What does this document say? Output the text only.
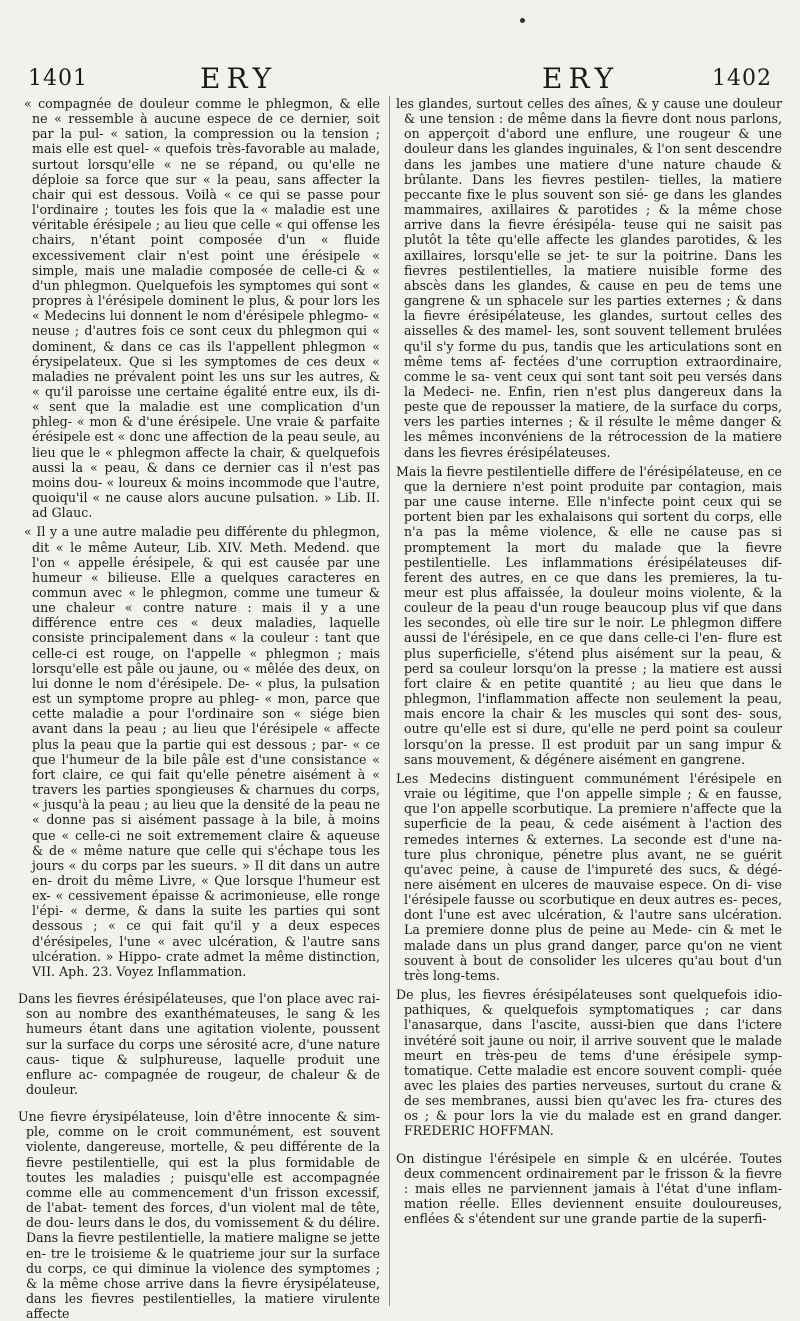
1401	ERY	ERY	1402

« compagnée de douleur comme le phlegmon, & elle ne « ressemble à aucune espece de ce dernier, soit par la pul- « sation, la compression ou la tension ; mais elle est quel- « quefois très-favorable au malade, surtout lorsqu'elle « ne se répand, ou qu'elle ne déploie sa force que sur « la peau, sans affecter la chair qui est dessous. Voilà « ce qui se passe pour l'ordinaire ; toutes les fois que la « maladie est une véritable érésipele ; au lieu que celle « qui offense les chairs, n'étant point composée d'un « fluide excessivement clair n'est point une érésipele « simple, mais une maladie composée de celle-ci & « d'un phlegmon. Quelquefois les symptomes qui sont « propres à l'érésipele dominent le plus, & pour lors les « Medecins lui donnent le nom d'érésipele phlegmo- « neuse ; d'autres fois ce sont ceux du phlegmon qui « dominent, & dans ce cas ils l'appellent phlegmon « érysipelateux. Que si les symptomes de ces deux « maladies ne prévalent point les uns sur les autres, & « qu'il paroisse une certaine égalité entre eux, ils di- « sent que la maladie est une complication d'un phleg- « mon & d'une érésipele. Une vraie & parfaite érésipele est « donc une affection de la peau seule, au lieu que le « phlegmon affecte la chair, & quelquefois aussi la « peau, & dans ce dernier cas il n'est pas moins dou- « loureux & moins incommode que l'autre, quoiqu'il « ne cause alors aucune pulsation. » Lib. II. ad Glauc.

« Il y a une autre maladie peu différente du phlegmon, dit « le même Auteur, Lib. XIV. Meth. Medend. que l'on « appelle érésipele, & qui est causée par une humeur « bilieuse. Elle a quelques caracteres en commun avec « le phlegmon, comme une tumeur & une chaleur « contre nature : mais il y a une différence entre ces « deux maladies, laquelle consiste principalement dans « la couleur : tant que celle-ci est rouge, on l'appelle « phlegmon ; mais lorsqu'elle est pâle ou jaune, ou « mêlée des deux, on lui donne le nom d'érésipele. De- « plus, la pulsation est un symptome propre au phleg- « mon, parce que cette maladie a pour l'ordinaire son « siége bien avant dans la peau ; au lieu que l'érésipele « affecte plus la peau que la partie qui est dessous ; par- « ce que l'humeur de la bile pâle est d'une consistance « fort claire, ce qui fait qu'elle pénetre aisément à « travers les parties spongieuses & charnues du corps, « jusqu'à la peau ; au lieu que la densité de la peau ne « donne pas si aisément passage à la bile, à moins que « celle-ci ne soit extremement claire & aqueuse & de « même nature que celle qui s'échape tous les jours « du corps par les sueurs. » Il dit dans un autre en- droit du même Livre, « Que lorsque l'humeur est ex- « cessivement épaisse & acrimonieuse, elle ronge l'épi- « derme, & dans la suite les parties qui sont dessous ; « ce qui fait qu'il y a deux especes d'érésipeles, l'une « avec ulcération, & l'autre sans ulcération. » Hippo- crate admet la même distinction, VII. Aph. 23. Voyez Inflammation.

Dans les fievres érésipélateuses, que l'on place avec rai- son au nombre des exanthémateuses, le sang & les humeurs étant dans une agitation violente, poussent sur la surface du corps une sérosité acre, d'une nature caus- tique & sulphureuse, laquelle produit une enflure ac- compagnée de rougeur, de chaleur & de douleur.

Une fievre érysipélateuse, loin d'être innocente & sim- ple, comme on le croit communément, est souvent violente, dangereuse, mortelle, & peu différente de la fievre pestilentielle, qui est la plus formidable de toutes les maladies ; puisqu'elle est accompagnée comme elle au commencement d'un frisson excessif, de l'abat- tement des forces, d'un violent mal de tête, de dou- leurs dans le dos, du vomissement & du délire. Dans la fievre pestilentielle, la matiere maligne se jette en- tre le troisieme & le quatrieme jour sur la surface du corps, ce qui diminue la violence des symptomes ; & la même chose arrive dans la fievre érysipélateuse, dans les fievres pestilentielles, la matiere virulente affecte

les glandes, surtout celles des aînes, & y cause une douleur & une tension : de même dans la fievre dont nous parlons, on apperçoit d'abord une enflure, une rougeur & une douleur dans les glandes inguinales, & l'on sent descendre dans les jambes une matiere d'une nature chaude & brûlante. Dans les fievres pestilen- tielles, la matiere peccante fixe le plus souvent son sié- ge dans les glandes mammaires, axillaires & parotides ; & la même chose arrive dans la fievre érésipéla- teuse qui ne saisit pas plutôt la tête qu'elle affecte les glandes parotides, & les axillaires, lorsqu'elle se jet- te sur la poitrine. Dans les fievres pestilentielles, la matiere nuisible forme des abscès dans les glandes, & cause en peu de tems une gangrene & un sphacele sur les parties externes ; & dans la fievre érésipélateuse, les glandes, surtout celles des aisselles & des mamel- les, sont souvent tellement brulées qu'il s'y forme du pus, tandis que les articulations sont en même tems af- fectées d'une corruption extraordinaire, comme le sa- vent ceux qui sont tant soit peu versés dans la Medeci- ne. Enfin, rien n'est plus dangereux dans la peste que de repousser la matiere, de la surface du corps, vers les parties internes ; & il résulte le même danger & les mêmes inconvéniens de la rétrocession de la matiere dans les fievres érésipélateuses.

Mais la fievre pestilentielle differe de l'érésipélateuse, en ce que la derniere n'est point produite par contagion, mais par une cause interne. Elle n'infecte point ceux qui se portent bien par les exhalaisons qui sortent du corps, elle n'a pas la même violence, & elle ne cause pas si promptement la mort du malade que la fievre pestilentielle. Les inflammations érésipélateuses dif- ferent des autres, en ce que dans les premieres, la tu- meur est plus affaissée, la douleur moins violente, & la couleur de la peau d'un rouge beaucoup plus vif que dans les secondes, où elle tire sur le noir. Le phlegmon differe aussi de l'érésipele, en ce que dans celle-ci l'en- flure est plus superficielle, s'étend plus aisément sur la peau, & perd sa couleur lorsqu'on la presse ; la matiere est aussi fort claire & en petite quantité ; au lieu que dans le phlegmon, l'inflammation affecte non seulement la peau, mais encore la chair & les muscles qui sont des- sous, outre qu'elle est si dure, qu'elle ne perd point sa couleur lorsqu'on la presse. Il est produit par un sang impur & sans mouvement, & dégénere aisément en gangrene.

Les Medecins distinguent communément l'érésipele en vraie ou légitime, que l'on appelle simple ; & en fausse, que l'on appelle scorbutique. La premiere n'affecte que la superficie de la peau, & cede aisément à l'action des remedes internes & externes. La seconde est d'une na- ture plus chronique, pénetre plus avant, ne se guérit qu'avec peine, à cause de l'impureté des sucs, & dégé- nere aisément en ulceres de mauvaise espece. On di- vise l'érésipele fausse ou scorbutique en deux autres es- peces, dont l'une est avec ulcération, & l'autre sans ulcération. La premiere donne plus de peine au Mede- cin & met le malade dans un plus grand danger, parce qu'on ne vient souvent à bout de consolider les ulceres qu'au bout d'un très long-tems.

De plus, les fievres érésipélateuses sont quelquefois idio- pathiques, & quelquefois symptomatiques ; car dans l'anasarque, dans l'ascite, aussi-bien que dans l'ictere invétéré soit jaune ou noir, il arrive souvent que le malade meurt en très-peu de tems d'une érésipele symp- tomatique. Cette maladie est encore souvent compli- quée avec les plaies des parties nerveuses, surtout du crane & de ses membranes, aussi bien qu'avec les fra- ctures des os ; & pour lors la vie du malade est en grand danger. FREDERIC HOFFMAN.

On distingue l'érésipele en simple & en ulcérée. Toutes deux commencent ordinairement par le frisson & la fievre : mais elles ne parviennent jamais à l'état d'une inflam- mation réelle. Elles deviennent ensuite douloureuses, enflées & s'étendent sur une grande partie de la superfi-
